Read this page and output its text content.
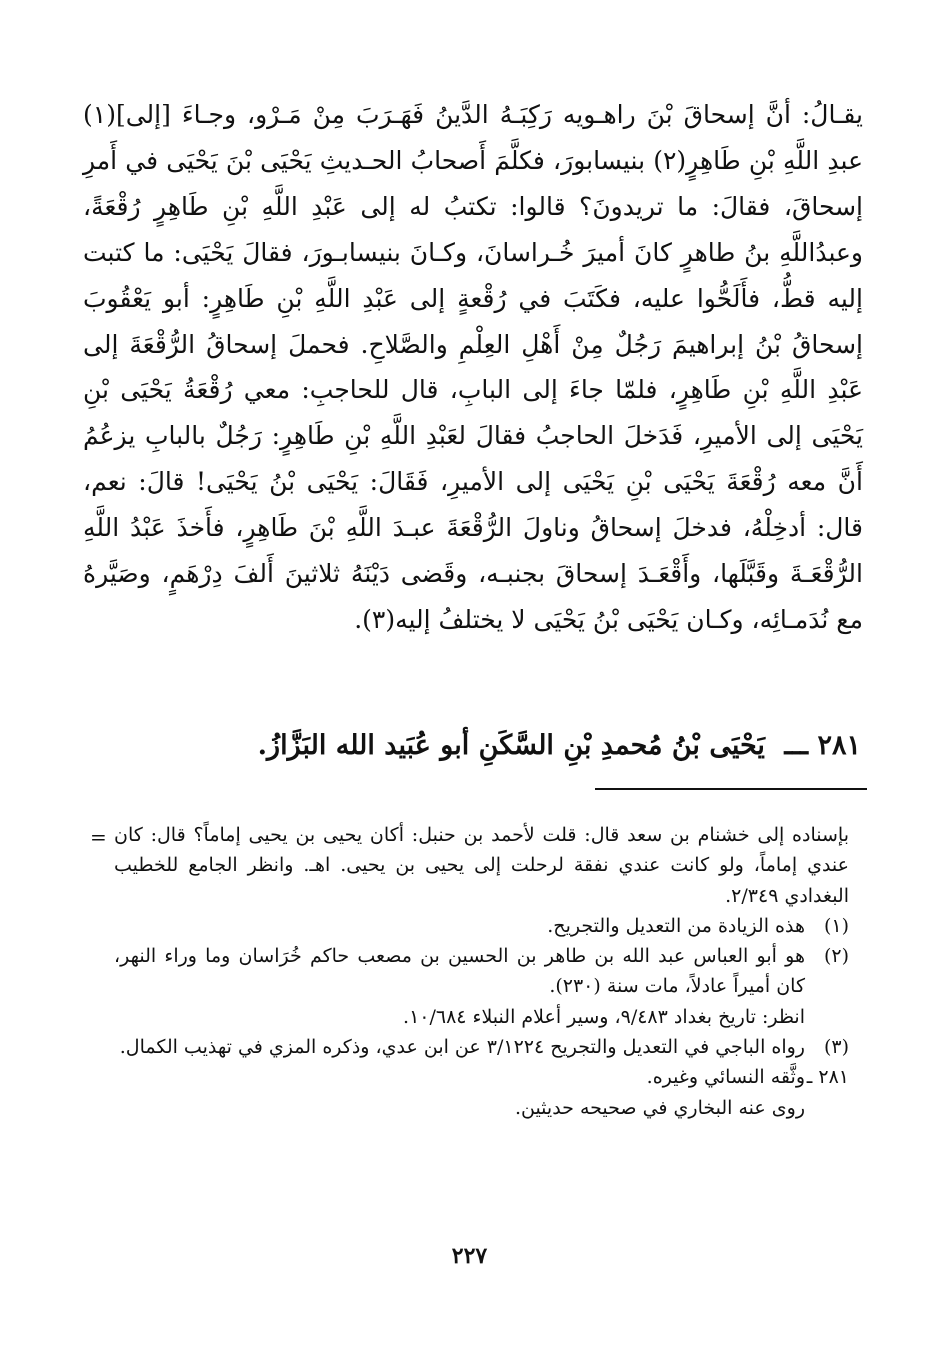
يقـالُ: أنَّ إسحاقَ بْنَ راهـويه رَكِبَـهُ الدَّينُ فَهَـرَبَ مِنْ مَـرْو، وجـاءَ [إلى](١) عبدِ اللَّهِ بْنِ طَاهِرٍ(٢) بنيسابورَ، فكلَّمَ أَصحابُ الحـديثِ يَحْيَى بْنَ يَحْيَى في أَمرِ إسحاقَ، فقالَ: ما تريدونَ؟ قالوا: تكتبُ له إلى عَبْدِ اللَّهِ بْنِ طَاهِرٍ رُقْعَةً، وعبدُاللَّهِ بنُ طاهرٍ كانَ أميرَ خُـراسانَ، وكـانَ بنيسابـورَ، فقالَ يَحْيَى: ما كتبت إليه قطُّ، فأَلَحُّوا عليه، فكَتَبَ في رُقْعةٍ إلى عَبْدِ اللَّهِ بْنِ طَاهِرٍ: أبو يَعْقُوبَ إسحاقُ بْنُ إبراهيمَ رَجُلٌ مِنْ أَهْلِ العِلْمِ والصَّلاحِ. فحملَ إسحاقُ الرُّقْعَةَ إلى عَبْدِ اللَّهِ بْنِ طَاهِرٍ، فلمّا جاءَ إلى البابِ، قال للحاجبِ: معي رُقْعَةُ يَحْيَى بْنِ يَحْيَى إلى الأميرِ، فَدَخلَ الحاجبُ فقالَ لعَبْدِ اللَّهِ بْنِ طَاهِرٍ: رَجُلٌ بالبابِ يزعُمُ أَنَّ معه رُقْعَةَ يَحْيَى بْنِ يَحْيَى إلى الأميرِ، فَقَالَ: يَحْيَى بْنُ يَحْيَى! قالَ: نعم، قال: أدخِلْهُ، فدخلَ إسحاقُ وناولَ الرُّقْعَةَ عبـدَ اللَّهِ بْنَ طَاهِرٍ، فأَخذَ عَبْدُ اللَّهِ الرُّقْعَـةَ وقَبَّلَها، وأَقْعَـدَ إسحاقَ بجنبـه، وقَضى دَيْنَهُ ثلاثينَ أَلفَ دِرْهَمٍ، وصَيَّرهُ مع نُدَمـائِه، وكـان يَحْيَى بْنُ يَحْيَى لا يختلفُ إليه(٣).

٢٨١ ـــ يَحْيَى بْنُ مُحمدِ بْنِ السَّكَنِ أبو عُبَيد الله البَزَّازُ.

= بإسناده إلى خشنام بن سعد قال: قلت لأحمد بن حنبل: أكان يحيى بن يحيى إماماً؟ قال: كان عندي إماماً، ولو كانت عندي نفقة لرحلت إلى يحيى بن يحيى. اهـ. وانظر الجامع للخطيب البغدادي ٢/٣٤٩.

(١)
هذه الزيادة من التعديل والتجريح.
(٢)
هو أبو العباس عبد الله بن طاهر بن الحسين بن مصعب حاكم خُرَاسان وما وراء النهر، كان أميراً عادلاً، مات سنة (٢٣٠).

انظر: تاريخ بغداد ٩/٤٨٣، وسير أعلام النبلاء ١٠/٦٨٤.

(٣)
رواه الباجي في التعديل والتجريح ٣/١٢٢٤ عن ابن عدي، وذكره المزي في تهذيب الكمال.
٢٨١ ـ
وثَّقه النسائي وغيره.

روى عنه البخاري في صحيحه حديثين.

٢٢٧
